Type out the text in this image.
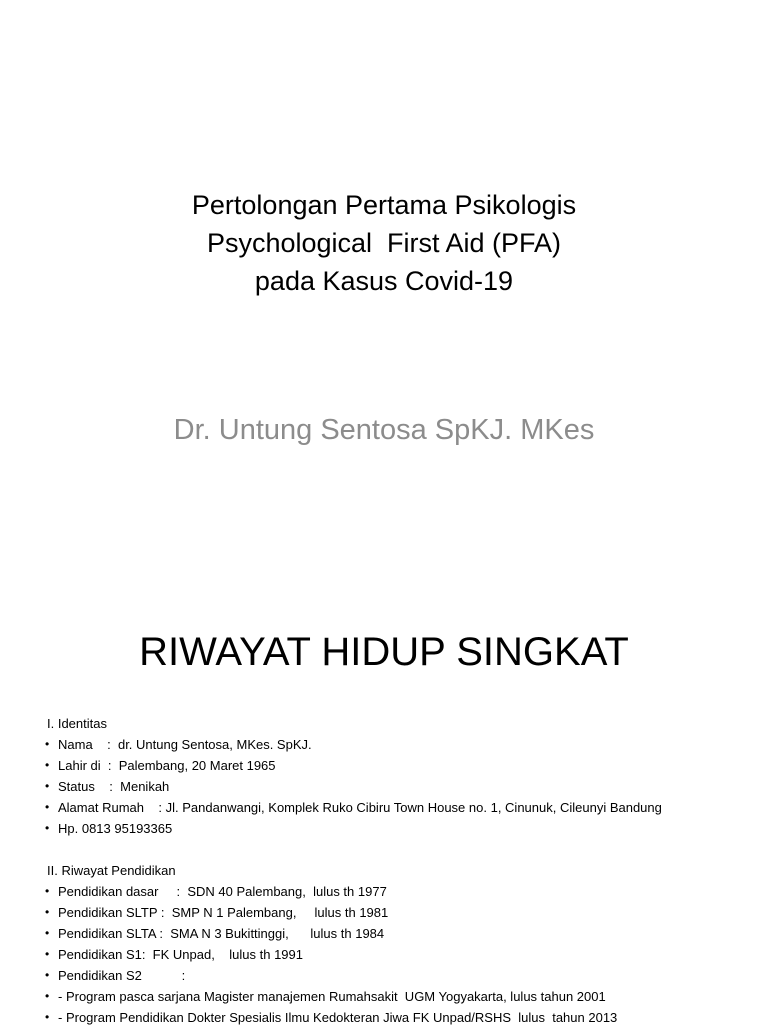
Pertolongan Pertama Psikologis
Psychological  First Aid (PFA)
pada Kasus Covid-19
Dr. Untung Sentosa SpKJ. MKes
RIWAYAT HIDUP SINGKAT
I. Identitas
• Nama    :  dr. Untung Sentosa, MKes. SpKJ.
• Lahir di  :  Palembang, 20 Maret 1965
• Status    :  Menikah
• Alamat Rumah    : Jl. Pandanwangi, Komplek Ruko Cibiru Town House no. 1, Cinunuk, Cileunyi Bandung
• Hp. 0813 95193365
II. Riwayat Pendidikan
• Pendidikan dasar     :  SDN 40 Palembang,  lulus th 1977
• Pendidikan SLTP :  SMP N 1 Palembang,     lulus th 1981
• Pendidikan SLTA :  SMA N 3 Bukittinggi,      lulus th 1984
• Pendidikan S1:  FK Unpad,    lulus th 1991
• Pendidikan S2           :
• - Program pasca sarjana Magister manajemen Rumahsakit  UGM Yogyakarta, lulus tahun 2001
• - Program Pendidikan Dokter Spesialis Ilmu Kedokteran Jiwa FK Unpad/RSHS  lulus  tahun 2013
